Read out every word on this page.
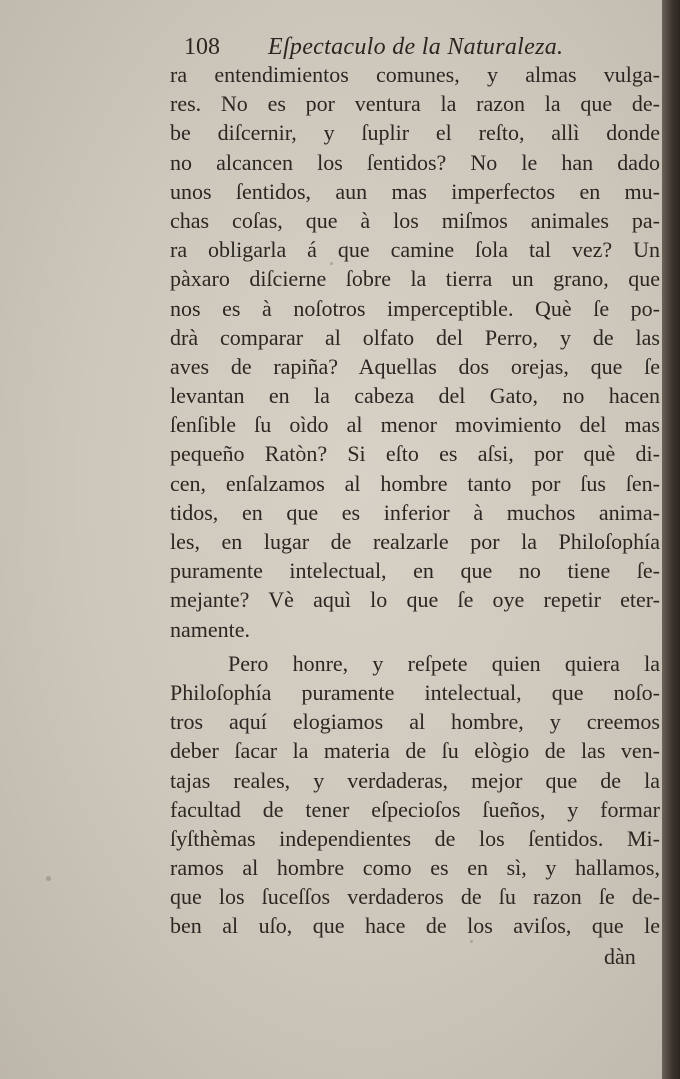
108 Eſpectaculo de la Naturaleza.
ra entendimientos comunes, y almas vulga-
res. No es por ventura la razon la que de-
be diſcernir, y ſuplir el reſto, allì donde
no alcancen los ſentidos? No le han dado
unos ſentidos, aun mas imperfectos en mu-
chas coſas, que à los miſmos animales pa-
ra obligarla á que camine ſola tal vez? Un
pàxaro diſcierne ſobre la tierra un grano, que
nos es à noſotros imperceptible. Què ſe po-
drà comparar al olfato del Perro, y de las
aves de rapiña? Aquellas dos orejas, que ſe
levantan en la cabeza del Gato, no hacen
ſenſible ſu oìdo al menor movimiento del mas
pequeño Ratòn? Si eſto es aſsi, por què di-
cen, enſalzamos al hombre tanto por ſus ſen-
tidos, en que es inferior à muchos anima-
les, en lugar de realzarle por la Philoſophía
puramente intelectual, en que no tiene ſe-
mejante? Vè aquì lo que ſe oye repetir eter-
namente.
Pero honre, y reſpete quien quiera la
Philoſophía puramente intelectual, que noſo-
tros aquí elogiamos al hombre, y creemos
deber ſacar la materia de ſu elògio de las ven-
tajas reales, y verdaderas, mejor que de la
facultad de tener eſpecioſos ſueños, y formar
ſyſthèmas independientes de los ſentidos. Mi-
ramos al hombre como es en sì, y hallamos,
que los ſuceſſos verdaderos de ſu razon ſe de-
ben al uſo, que hace de los aviſos, que le
dàn
